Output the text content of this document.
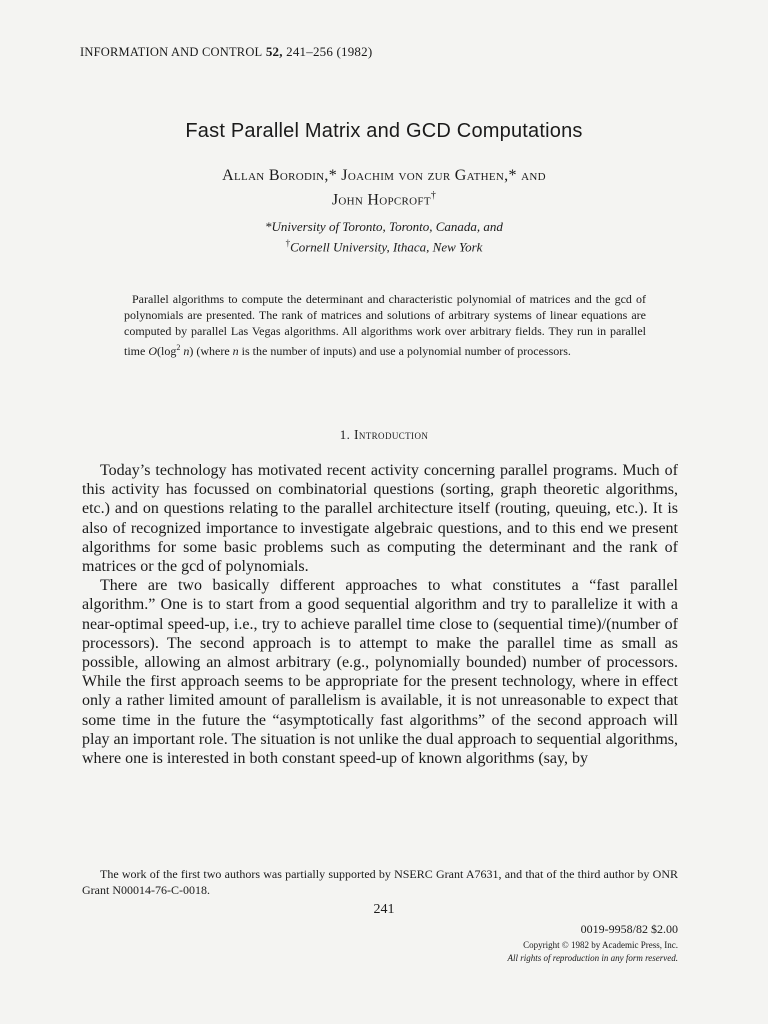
INFORMATION AND CONTROL 52, 241–256 (1982)
Fast Parallel Matrix and GCD Computations
Allan Borodin,* Joachim von zur Gathen,* and
John Hopcroft†
*University of Toronto, Toronto, Canada, and
†Cornell University, Ithaca, New York
Parallel algorithms to compute the determinant and characteristic polynomial of matrices and the gcd of polynomials are presented. The rank of matrices and solutions of arbitrary systems of linear equations are computed by parallel Las Vegas algorithms. All algorithms work over arbitrary fields. They run in parallel time $O(\log^2$ n) (where n is the number of inputs) and use a polynomial number of processors.
1. Introduction

Today’s technology has motivated recent activity concerning parallel programs. Much of this activity has focussed on combinatorial questions (sorting, graph theoretic algorithms, etc.) and on questions relating to the parallel architecture itself (routing, queuing, etc.). It is also of recognized importance to investigate algebraic questions, and to this end we present algorithms for some basic problems such as computing the determinant and the rank of matrices or the gcd of polynomials.

There are two basically different approaches to what constitutes a “fast parallel algorithm.” One is to start from a good sequential algorithm and try to parallelize it with a near-optimal speed-up, i.e., try to achieve parallel time close to (sequential time)/(number of processors). The second approach is to attempt to make the parallel time as small as possible, allowing an almost arbitrary (e.g., polynomially bounded) number of processors. While the first approach seems to be appropriate for the present technology, where in effect only a rather limited amount of parallelism is available, it is not unreasonable to expect that some time in the future the “asymptotically fast algorithms” of the second approach will play an important role. The situation is not unlike the dual approach to sequential algorithms, where one is interested in both constant speed-up of known algorithms (say, by

The work of the first two authors was partially supported by NSERC Grant A7631, and that of the third author by ONR Grant N00014-76-C-0018.
241
0019-9958/82 $2.00
Copyright © 1982 by Academic Press, Inc.
All rights of reproduction in any form reserved.
